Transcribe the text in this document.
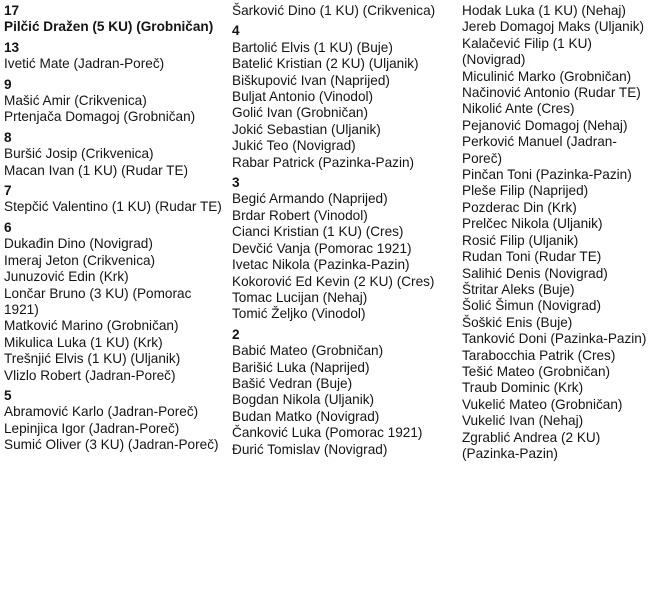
17
Pilčić Dražen (5 KU) (Grobničan)
13
Ivetić Mate (Jadran-Poreč)
9
Mašić Amir (Crikvenica)
Prtenjača Domagoj (Grobničan)
8
Buršić Josip (Crikvenica)
Macan Ivan (1 KU) (Rudar TE)
7
Stepčić Valentino (1 KU) (Rudar TE)
6
Dukađin Dino (Novigrad)
Imeraj Jeton (Crikvenica)
Junuzović Edin (Krk)
Lončar Bruno (3 KU) (Pomorac 1921)
Matković Marino (Grobničan)
Mikulica Luka (1 KU) (Krk)
Trešnjić Elvis (1 KU) (Uljanik)
Vlizlo Robert (Jadran-Poreč)
5
Abramović Karlo (Jadran-Poreč)
Lepinjica Igor (Jadran-Poreč)
Sumić Oliver (3 KU) (Jadran-Poreč)
Šarković Dino (1 KU) (Crikvenica)
4
Bartolić Elvis (1 KU) (Buje)
Batelić Kristian (2 KU) (Uljanik)
Biškupović Ivan (Naprijed)
Buljat Antonio (Vinodol)
Golić Ivan (Grobničan)
Jokić Sebastian (Uljanik)
Jukić Teo (Novigrad)
Rabar Patrick (Pazinka-Pazin)
3
Begić Armando (Naprijed)
Brdar Robert (Vinodol)
Cianci Kristian (1 KU) (Cres)
Devčić Vanja (Pomorac 1921)
Ivetac Nikola (Pazinka-Pazin)
Kokorović Ed Kevin (2 KU) (Cres)
Tomac Lucijan (Nehaj)
Tomić Željko (Vinodol)
2
Babić Mateo (Grobničan)
Barišić Luka (Naprijed)
Bašić Vedran (Buje)
Bogdan Nikola (Uljanik)
Budan Matko (Novigrad)
Čanković Luka (Pomorac 1921)
Đurić Tomislav (Novigrad)
Hodak Luka (1 KU) (Nehaj)
Jereb Domagoj Maks (Uljanik)
Kalačević Filip (1 KU) (Novigrad)
Miculinić Marko (Grobničan)
Načinović Antonio (Rudar TE)
Nikolić Ante (Cres)
Pejanović Domagoj (Nehaj)
Perković Manuel (Jadran-Poreč)
Pinčan Toni (Pazinka-Pazin)
Pleše Filip (Naprijed)
Pozderac Din (Krk)
Prelčec Nikola (Uljanik)
Rosić Filip (Uljanik)
Rudan Toni (Rudar TE)
Salihić Denis (Novigrad)
Štritar Aleks (Buje)
Šolić Šimun (Novigrad)
Šoškić Enis (Buje)
Tanković Doni (Pazinka-Pazin)
Tarabocchia Patrik (Cres)
Tešić Mateo (Grobničan)
Traub Dominic (Krk)
Vukelić Mateo (Grobničan)
Vukelić Ivan (Nehaj)
Zgrablić Andrea (2 KU) (Pazinka-Pazin)
